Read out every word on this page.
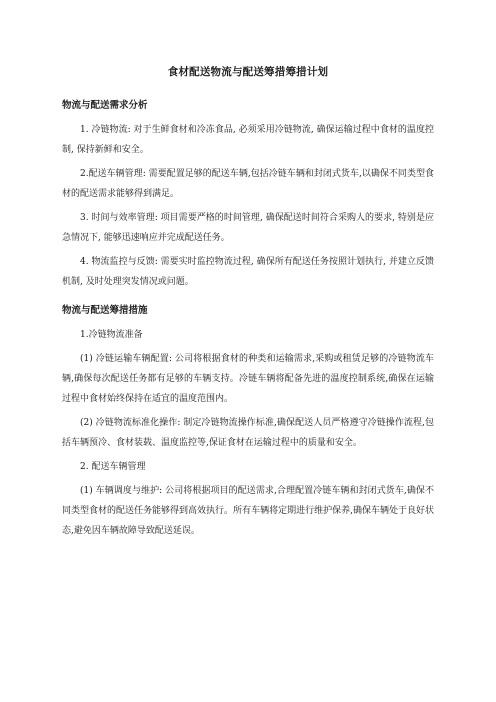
食材配送物流与配送筹措筹措计划
物流与配送需求分析

1. 冷链物流: 对于生鲜食材和冷冻食品, 必须采用冷链物流, 确保运输过程中食材的温度控制, 保持新鲜和安全。

2.配送车辆管理: 需要配置足够的配送车辆,包括冷链车辆和封闭式货车,以确保不同类型食材的配送需求能够得到满足。

3. 时间与效率管理: 项目需要严格的时间管理, 确保配送时间符合采购人的要求, 特别是应急情况下, 能够迅速响应并完成配送任务。

4. 物流监控与反馈: 需要实时监控物流过程, 确保所有配送任务按照计划执行, 并建立反馈机制, 及时处理突发情况或问题。

物流与配送筹措措施

1.冷链物流准备

(1) 冷链运输车辆配置: 公司将根据食材的种类和运输需求,采购或租赁足够的冷链物流车辆,确保每次配送任务都有足够的车辆支持。冷链车辆将配备先进的温度控制系统,确保在运输过程中食材始终保持在适宜的温度范围内。

(2) 冷链物流标准化操作: 制定冷链物流操作标准,确保配送人员严格遵守冷链操作流程,包括车辆预冷、食材装载、温度监控等,保证食材在运输过程中的质量和安全。

2. 配送车辆管理

(1) 车辆调度与维护: 公司将根据项目的配送需求,合理配置冷链车辆和封闭式货车,确保不同类型食材的配送任务能够得到高效执行。所有车辆将定期进行维护保养,确保车辆处于良好状态,避免因车辆故障导致配送延误。
